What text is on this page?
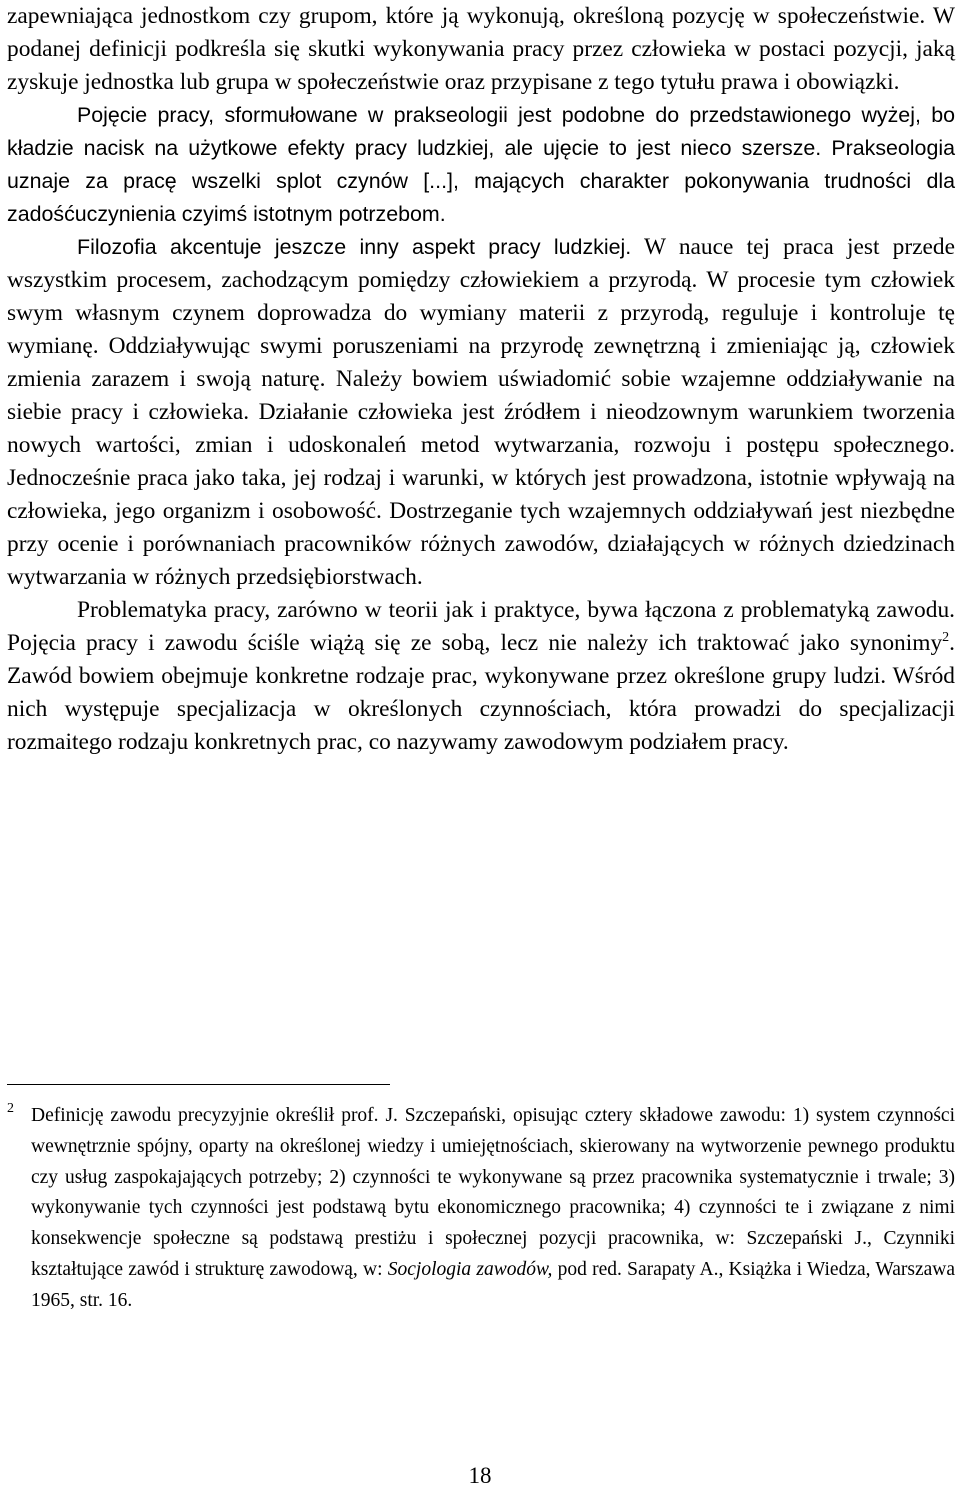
zapewniająca jednostkom czy grupom, które ją wykonują, określoną pozycję w społeczeństwie. W podanej definicji podkreśla się skutki wykonywania pracy przez człowieka w postaci pozycji, jaką zyskuje jednostka lub grupa w społeczeństwie oraz przypisane z tego tytułu prawa i obowiązki.

Pojęcie pracy, sformułowane w prakseologii jest podobne do przedstawionego wyżej, bo kładzie nacisk na użytkowe efekty pracy ludzkiej, ale ujęcie to jest nieco szersze. Prakseologia uznaje za pracę wszelki splot czynów [...], mających charakter pokonywania trudności dla zadośćuczynienia czyimś istotnym potrzebom.

Filozofia akcentuje jeszcze inny aspekt pracy ludzkiej. W nauce tej praca jest przede wszystkim procesem, zachodzącym pomiędzy człowiekiem a przyrodą. W procesie tym człowiek swym własnym czynem doprowadza do wymiany materii z przyrodą, reguluje i kontroluje tę wymianę. Oddziaływując swymi poruszeniami na przyrodę zewnętrzną i zmieniając ją, człowiek zmienia zarazem i swoją naturę. Należy bowiem uświadomić sobie wzajemne oddziaływanie na siebie pracy i człowieka. Działanie człowieka jest źródłem i nieodzownym warunkiem tworzenia nowych wartości, zmian i udoskonaleń metod wytwarzania, rozwoju i postępu społecznego. Jednocześnie praca jako taka, jej rodzaj i warunki, w których jest prowadzona, istotnie wpływają na człowieka, jego organizm i osobowość. Dostrzeganie tych wzajemnych oddziaływań jest niezbędne przy ocenie i porównaniach pracowników różnych zawodów, działających w różnych dziedzinach wytwarzania w różnych przedsiębiorstwach.

Problematyka pracy, zarówno w teorii jak i praktyce, bywa łączona z problematyką zawodu. Pojęcia pracy i zawodu ściśle wiążą się ze sobą, lecz nie należy ich traktować jako synonimy$^2$. Zawód bowiem obejmuje konkretne rodzaje prac, wykonywane przez określone grupy ludzi. Wśród nich występuje specjalizacja w określonych czynnościach, która prowadzi do specjalizacji rozmaitego rodzaju konkretnych prac, co nazywamy zawodowym podziałem pracy.

2 Definicję zawodu precyzyjnie określił prof. J. Szczepański, opisując cztery składowe zawodu: 1) system czynności wewnętrznie spójny, oparty na określonej wiedzy i umiejętnościach, skierowany na wytworzenie pewnego produktu czy usług zaspokajających potrzeby; 2) czynności te wykonywane są przez pracownika systematycznie i trwale; 3) wykonywanie tych czynności jest podstawą bytu ekonomicznego pracownika; 4) czynności te i związane z nimi konsekwencje społeczne są podstawą prestiżu i społecznej pozycji pracownika, w: Szczepański J., Czynniki kształtujące zawód i strukturę zawodową, w: Socjologia zawodów, pod red. Sarapaty A., Książka i Wiedza, Warszawa 1965, str. 16.
18
